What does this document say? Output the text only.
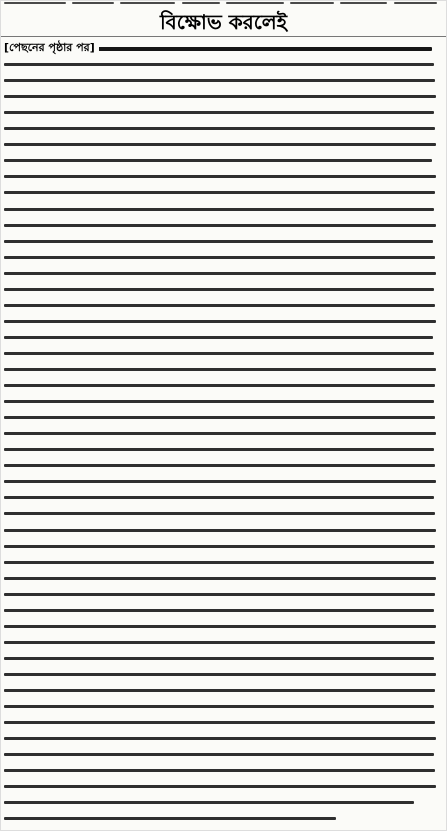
বিক্ষোভ করলেই
[পেছনের পৃষ্ঠার পর]
